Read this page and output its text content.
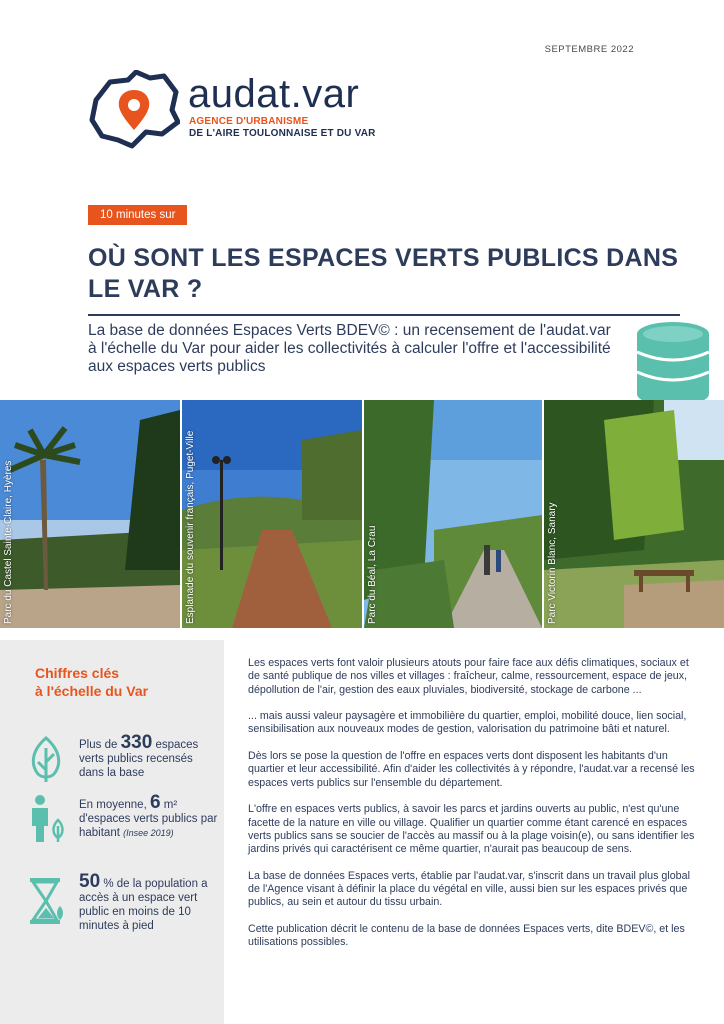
SEPTEMBRE 2022
audat.var
AGENCE D'URBANISME
DE L'AIRE TOULONNAISE ET DU VAR
10 minutes sur
OÙ SONT LES ESPACES VERTS PUBLICS DANS LE VAR ?
La base de données Espaces Verts BDEV© : un recensement de l'audat.var à l'échelle du Var pour aider les collectivités à calculer l'offre et l'accessibilité aux espaces verts publics
Parc du Castel Sainte-Claire, Hyères	Esplanade du souvenir français, Puget-Ville	Parc du Béal, La Crau	Parc Victorin Blanc, Sanary
Chiffres clés
à l'échelle du Var
Plus de 330 espaces verts publics recensés dans la base
En moyenne, 6 m² d'espaces verts publics par habitant (Insee 2019)
50 % de la population a accès à un espace vert public en moins de 10 minutes à pied

Les espaces verts font valoir plusieurs atouts pour faire face aux défis climatiques, sociaux et de santé publique de nos villes et villages : fraîcheur, calme, ressourcement, espace de jeux, dépollution de l'air, gestion des eaux pluviales, biodiversité, stockage de carbone ...

... mais aussi valeur paysagère et immobilière du quartier, emploi, mobilité douce, lien social, sensibilisation aux nouveaux modes de gestion, valorisation du patrimoine bâti et naturel.

Dès lors se pose la question de l'offre en espaces verts dont disposent les habitants d'un quartier et leur accessibilité. Afin d'aider les collectivités à y répondre, l'audat.var a recensé les espaces verts publics sur l'ensemble du département.

L'offre en espaces verts publics, à savoir les parcs et jardins ouverts au public, n'est qu'une facette de la nature en ville ou village. Qualifier un quartier comme étant carencé en espaces verts publics sans se soucier de l'accès au massif ou à la plage voisin(e), ou sans identifier les jardins privés qui caractérisent ce même quartier, n'aurait pas beaucoup de sens.

La base de données Espaces verts, établie par l'audat.var, s'inscrit dans un travail plus global de l'Agence visant à définir la place du végétal en ville, aussi bien sur les espaces privés que publics, au sein et autour du tissu urbain.

Cette publication décrit le contenu de la base de données Espaces verts, dite BDEV©, et les utilisations possibles.
